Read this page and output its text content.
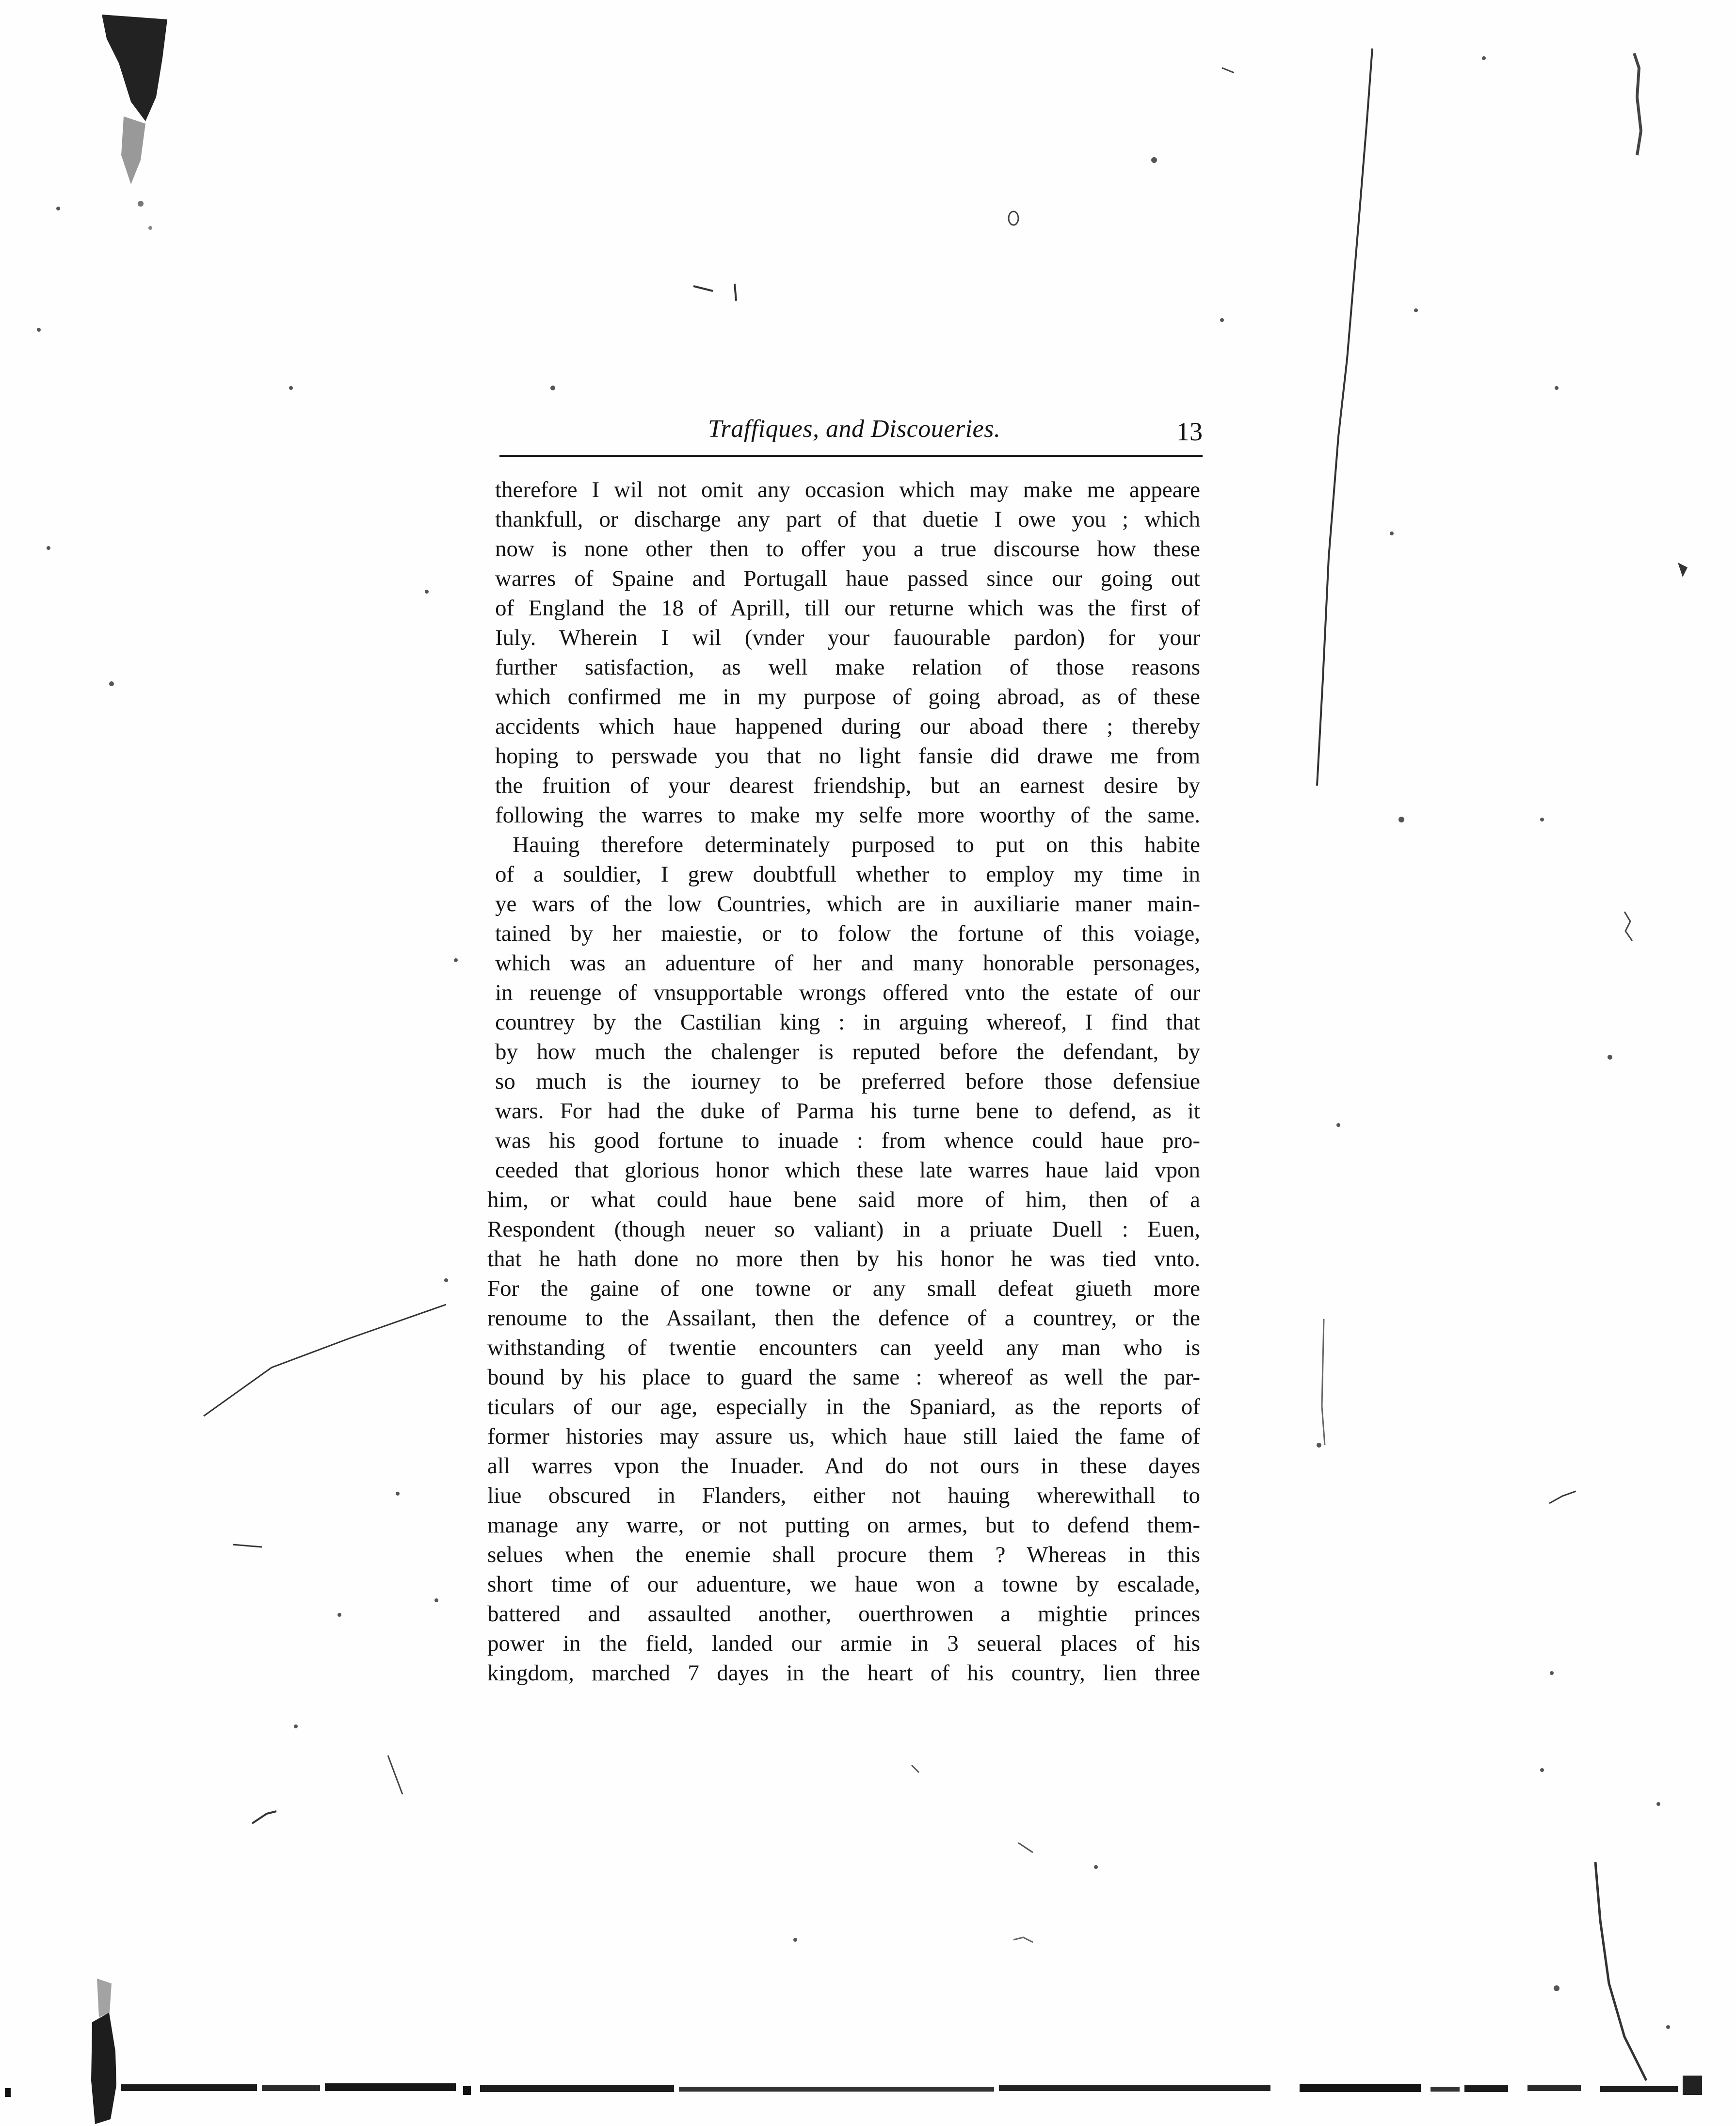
Traffiques, and Discoueries.	13
therefore I wil not omit any occasion which may make me appeare
thankfull, or discharge any part of that duetie I owe you ; which
now is none other then to offer you a true discourse how these
warres of Spaine and Portugall haue passed since our going out
of England the 18 of Aprill, till our returne which was the first of
Iuly. Wherein I wil (vnder your fauourable pardon) for your
further satisfaction, as well make relation of those reasons
which confirmed me in my purpose of going abroad, as of these
accidents which haue happened during our aboad there ; thereby
hoping to perswade you that no light fansie did drawe me from
the fruition of your dearest friendship, but an earnest desire by
following the warres to make my selfe more woorthy of the same.
Hauing therefore determinately purposed to put on this habite
of a souldier, I grew doubtfull whether to employ my time in
ye wars of the low Countries, which are in auxiliarie maner main-
tained by her maiestie, or to folow the fortune of this voiage,
which was an aduenture of her and many honorable personages,
in reuenge of vnsupportable wrongs offered vnto the estate of our
countrey by the Castilian king : in arguing whereof, I find that
by how much the chalenger is reputed before the defendant, by
so much is the iourney to be preferred before those defensiue
wars. For had the duke of Parma his turne bene to defend, as it
was his good fortune to inuade : from whence could haue pro-
ceeded that glorious honor which these late warres haue laid vpon
him, or what could haue bene said more of him, then of a
Respondent (though neuer so valiant) in a priuate Duell : Euen,
that he hath done no more then by his honor he was tied vnto.
For the gaine of one towne or any small defeat giueth more
renoume to the Assailant, then the defence of a countrey, or the
withstanding of twentie encounters can yeeld any man who is
bound by his place to guard the same : whereof as well the par-
ticulars of our age, especially in the Spaniard, as the reports of
former histories may assure us, which haue still laied the fame of
all warres vpon the Inuader. And do not ours in these dayes
liue obscured in Flanders, either not hauing wherewithall to
manage any warre, or not putting on armes, but to defend them-
selues when the enemie shall procure them ? Whereas in this
short time of our aduenture, we haue won a towne by escalade,
battered and assaulted another, ouerthrowen a mightie princes
power in the field, landed our armie in 3 seueral places of his
kingdom, marched 7 dayes in the heart of his country, lien three
